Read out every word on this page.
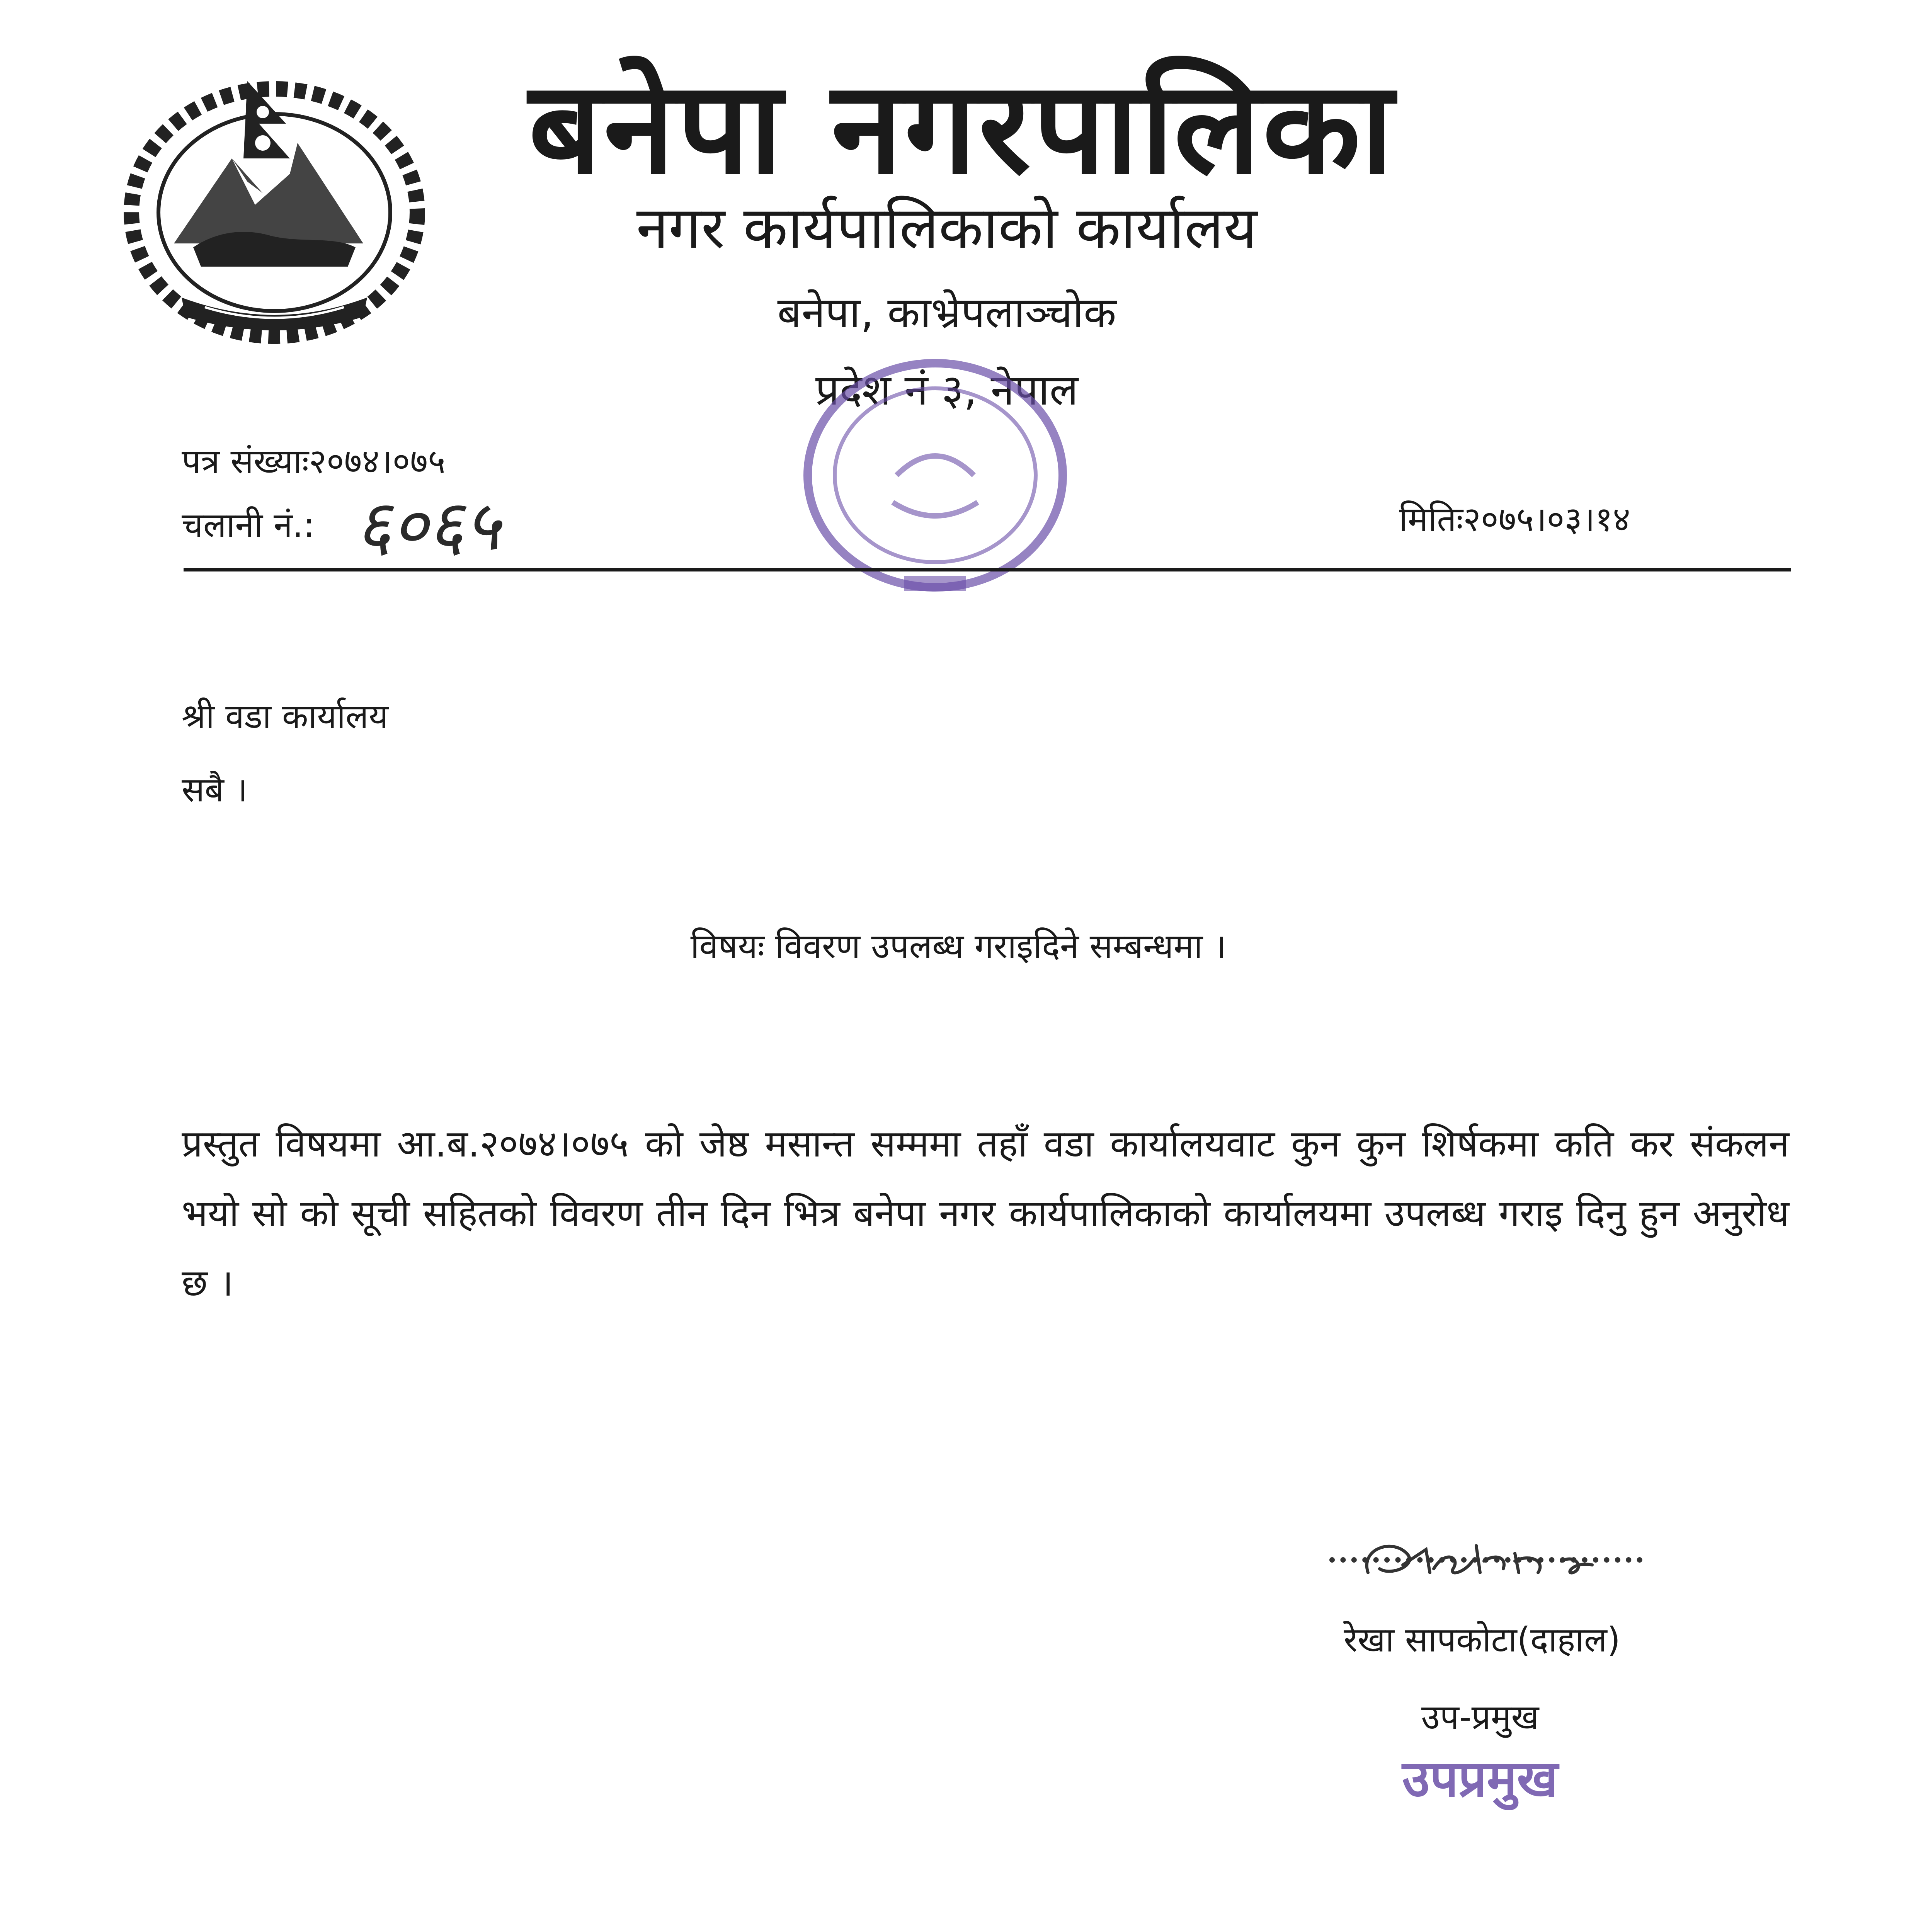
बनेपा नगरपालिका
नगर कार्यपालिकाको कार्यालय
बनेपा, काभ्रेपलाञ्चोक
प्रदेश नं ३, नेपाल
पत्र संख्याः२०७४।०७५
चलानी नं.: ६०६५	मितिः२०७५।०३।१४
श्री वडा कार्यालय
सबै ।
विषयः विवरण उपलब्ध गराइदिने सम्बन्धमा ।
प्रस्तुत विषयमा आ.ब.२०७४।०७५ को जेष्ठ मसान्त सम्ममा तहाँ वडा कार्यालयवाट कुन कुन शिर्षकमा कति कर संकलन भयो सो को सूची सहितको विवरण तीन दिन भित्र बनेपा नगर कार्यपालिकाको कार्यालयमा उपलब्ध गराइ दिनु हुन अनुरोध छ ।
रेखा सापकोटा(दाहाल)
उप-प्रमुख
उपप्रमुख
